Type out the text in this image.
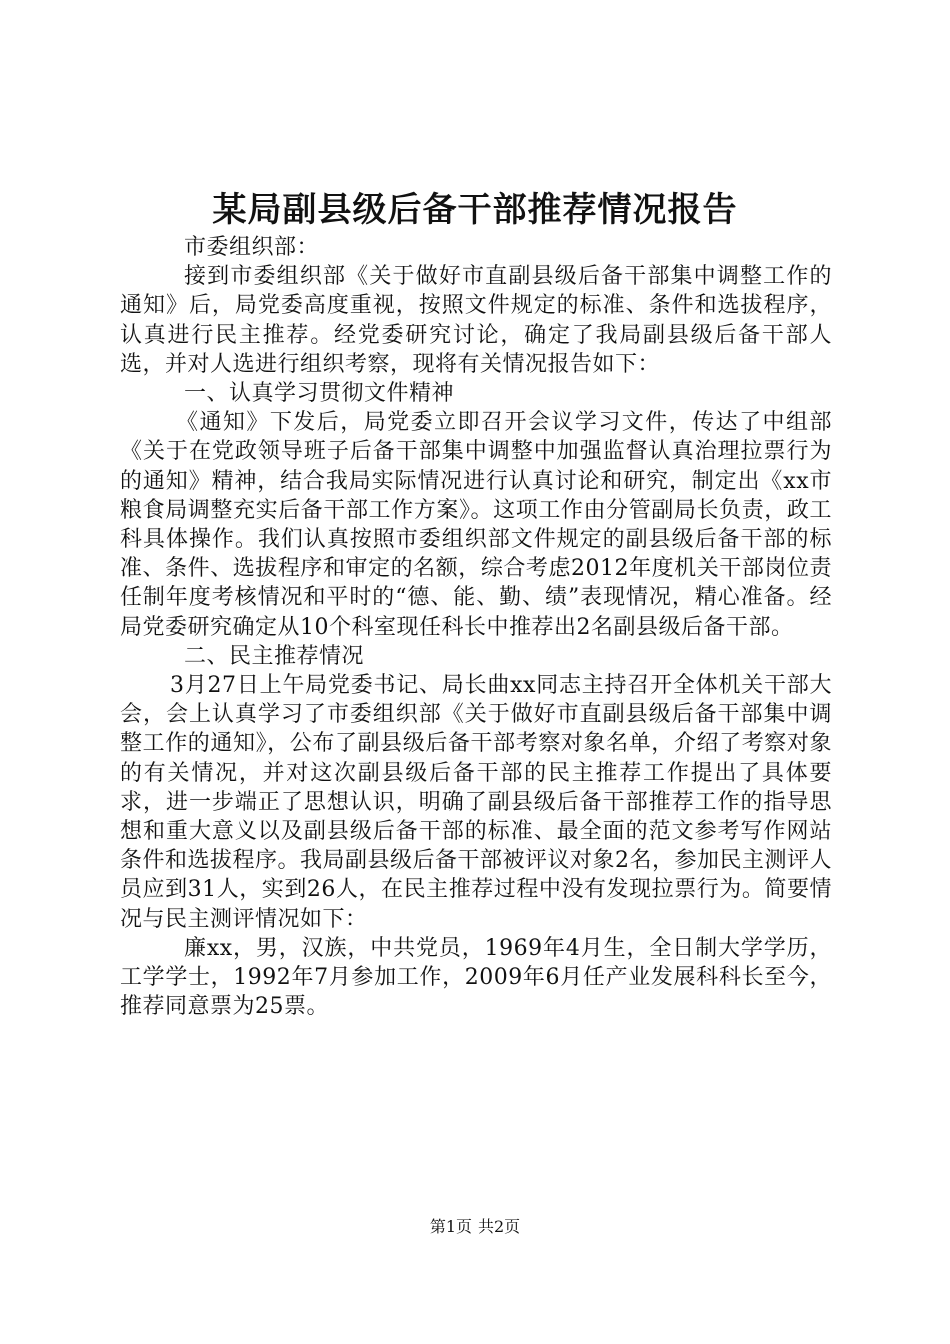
某局副县级后备干部推荐情况报告

市委组织部：

接到市委组织部《关于做好市直副县级后备干部集中调整工作的通知》后，局党委高度重视，按照文件规定的标准、条件和选拔程序，认真进行民主推荐。经党委研究讨论，确定了我局副县级后备干部人选，并对人选进行组织考察，现将有关情况报告如下：

一、认真学习贯彻文件精神

《通知》下发后，局党委立即召开会议学习文件，传达了中组部《关于在党政领导班子后备干部集中调整中加强监督认真治理拉票行为的通知》精神，结合我局实际情况进行认真讨论和研究，制定出《xx市粮食局调整充实后备干部工作方案》。这项工作由分管副局长负责，政工科具体操作。我们认真按照市委组织部文件规定的副县级后备干部的标准、条件、选拔程序和审定的名额，综合考虑2012年度机关干部岗位责任制年度考核情况和平时的“德、能、勤、绩”表现情况，精心准备。经局党委研究确定从10个科室现任科长中推荐出2名副县级后备干部。

二、民主推荐情况

3月27日上午局党委书记、局长曲xx同志主持召开全体机关干部大会，会上认真学习了市委组织部《关于做好市直副县级后备干部集中调整工作的通知》，公布了副县级后备干部考察对象名单，介绍了考察对象的有关情况，并对这次副县级后备干部的民主推荐工作提出了具体要求，进一步端正了思想认识，明确了副县级后备干部推荐工作的指导思想和重大意义以及副县级后备干部的标准、最全面的范文参考写作网站条件和选拔程序。我局副县级后备干部被评议对象2名，参加民主测评人员应到31人，实到26人，在民主推荐过程中没有发现拉票行为。简要情况与民主测评情况如下：

廉xx，男，汉族，中共党员，1969年4月生，全日制大学学历，工学学士，1992年7月参加工作，2009年6月任产业发展科科长至今，推荐同意票为25票。

第1页 共2页
